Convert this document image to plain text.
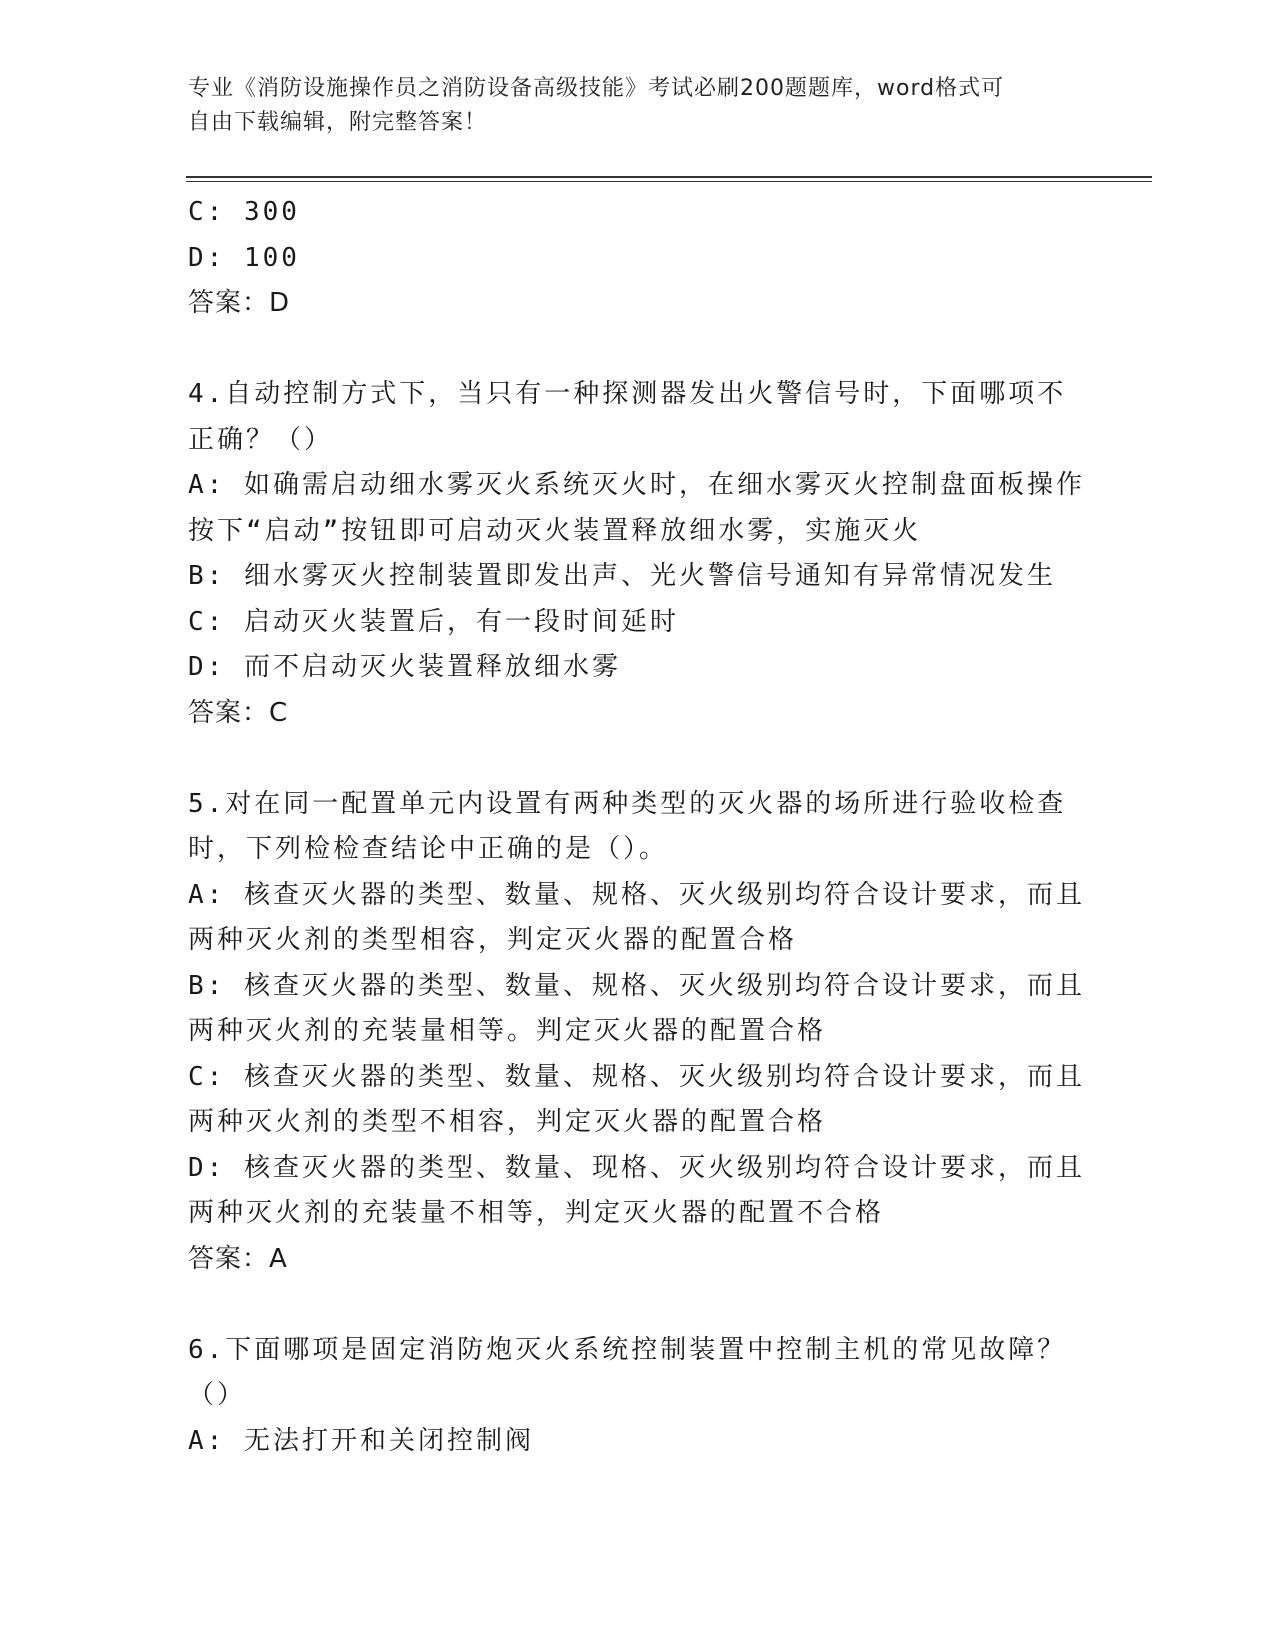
专业《消防设施操作员之消防设备高级技能》考试必刷200题题库，word格式可
自由下载编辑，附完整答案！

C: 300

D: 100

答案：D

4.自动控制方式下，当只有一种探测器发出火警信号时，下面哪项不

正确？（）

A: 如确需启动细水雾灭火系统灭火时，在细水雾灭火控制盘面板操作

按下“启动”按钮即可启动灭火装置释放细水雾，实施灭火

B: 细水雾灭火控制装置即发出声、光火警信号通知有异常情况发生

C: 启动灭火装置后，有一段时间延时

D: 而不启动灭火装置释放细水雾

答案：C

5.对在同一配置单元内设置有两种类型的灭火器的场所进行验收检查

时，下列检检查结论中正确的是（）。

A: 核查灭火器的类型、数量、规格、灭火级别均符合设计要求，而且

两种灭火剂的类型相容，判定灭火器的配置合格

B: 核查灭火器的类型、数量、规格、灭火级别均符合设计要求，而且

两种灭火剂的充装量相等。判定灭火器的配置合格

C: 核查灭火器的类型、数量、规格、灭火级别均符合设计要求，而且

两种灭火剂的类型不相容，判定灭火器的配置合格

D: 核查灭火器的类型、数量、现格、灭火级别均符合设计要求，而且

两种灭火剂的充装量不相等，判定灭火器的配置不合格

答案：A

6.下面哪项是固定消防炮灭火系统控制装置中控制主机的常见故障？

（）

A: 无法打开和关闭控制阀
